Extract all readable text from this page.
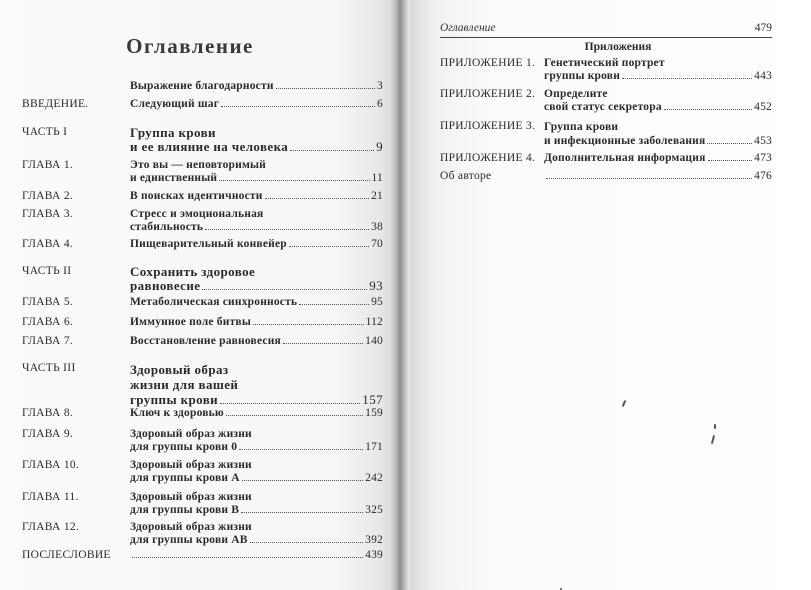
Оглавление
Выражение благодарности	3
ВВЕДЕНИЕ.	Следующий шаг	6
ЧАСТЬ I	Группа крови
и ее влияние на человека	9
ГЛАВА 1.	Это вы — неповторимый
и единственный	11
ГЛАВА 2.	В поисках идентичности	21
ГЛАВА 3.	Стресс и эмоциональная
стабильность	38
ГЛАВА 4.	Пищеварительный конвейер	70
ЧАСТЬ II	Сохранить здоровое
равновесие	93
ГЛАВА 5.	Метаболическая синхронность	95
ГЛАВА 6.	Иммунное поле битвы	112
ГЛАВА 7.	Восстановление равновесия	140
ЧАСТЬ III	Здоровый образ
жизни для вашей
группы крови	157
ГЛАВА 8.	Ключ к здоровью	159
ГЛАВА 9.	Здоровый образ жизни
для группы крови 0	171
ГЛАВА 10.	Здоровый образ жизни
для группы крови А	242
ГЛАВА 11.	Здоровый образ жизни
для группы крови В	325
ГЛАВА 12.	Здоровый образ жизни
для группы крови АВ	392
ПОСЛЕСЛОВИЕ	439
Оглавление	479
Приложения
ПРИЛОЖЕНИЕ 1. Генетический портрет
группы крови	443
ПРИЛОЖЕНИЕ 2. Определите
свой статус секретора	452
ПРИЛОЖЕНИЕ 3. Группа крови
и инфекционные заболевания	453
ПРИЛОЖЕНИЕ 4. Дополнительная информация	473
Об авторе	476
